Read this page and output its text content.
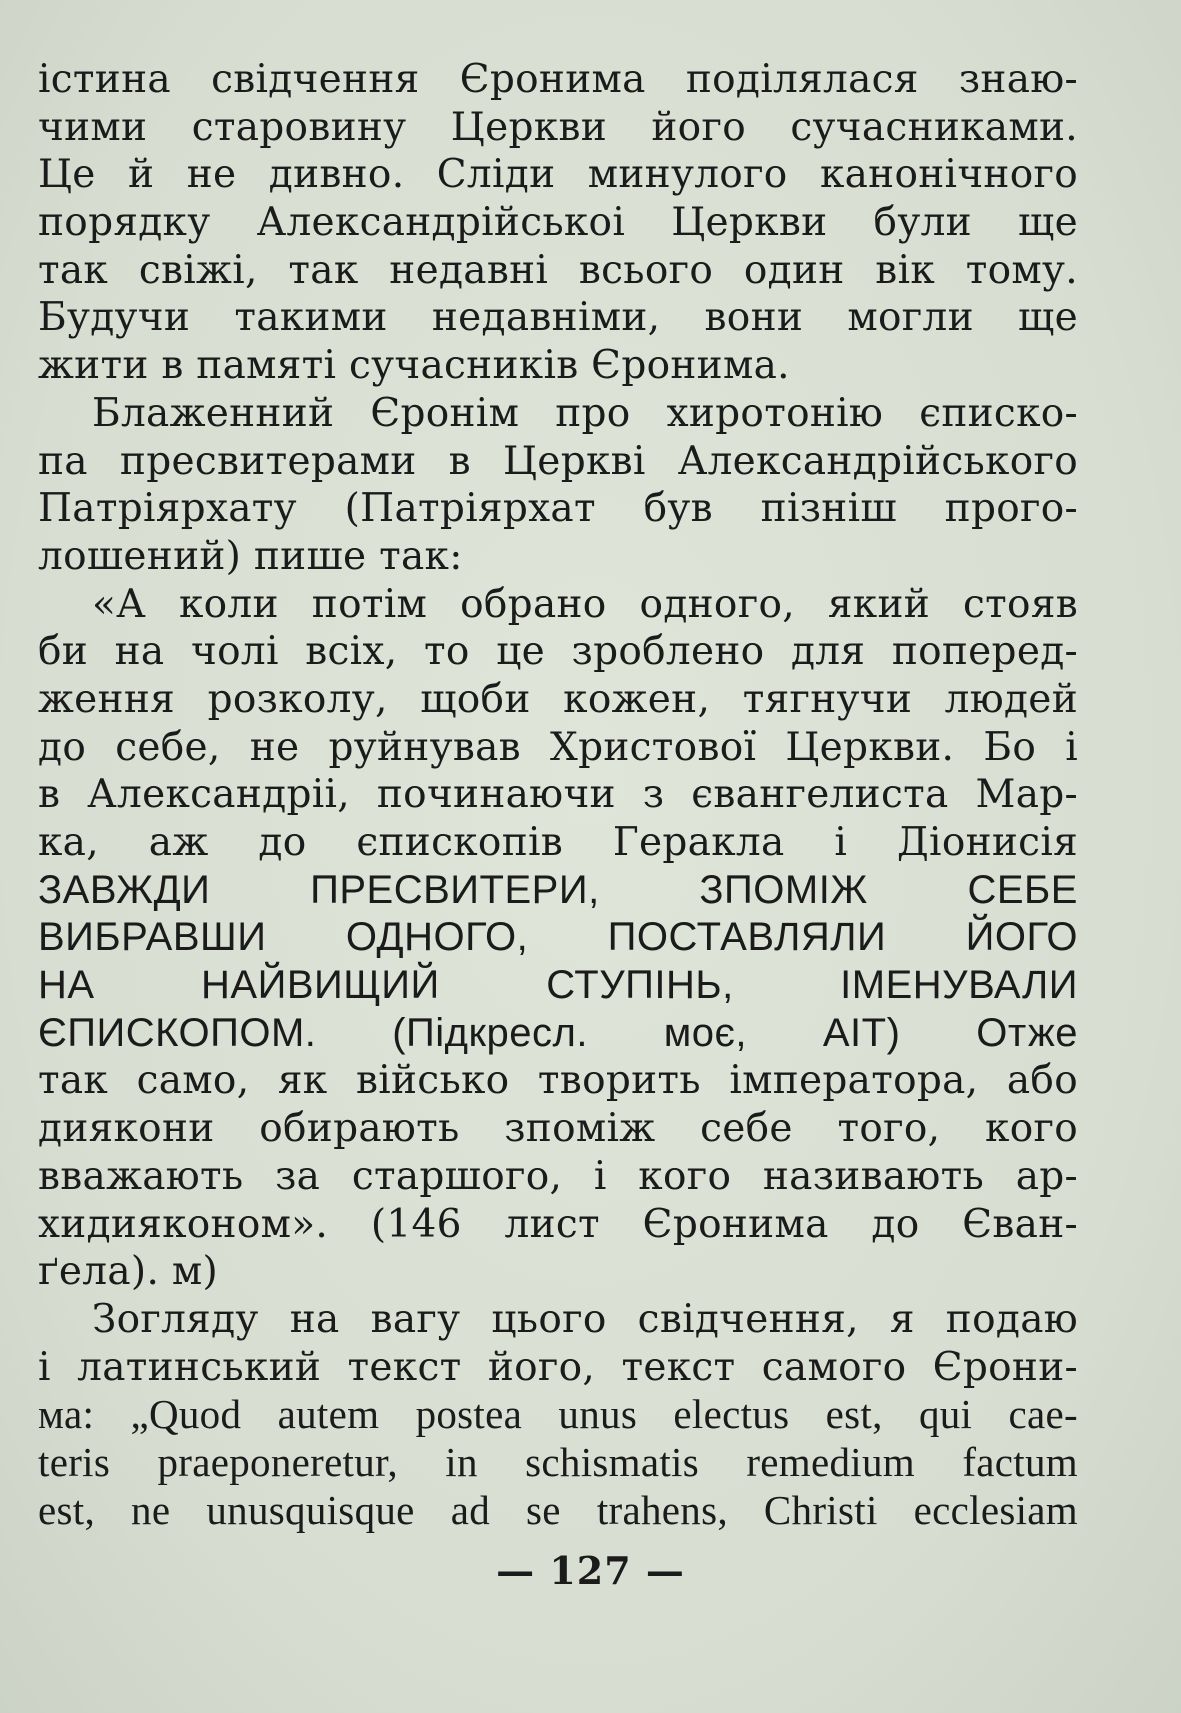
істина свідчення Єронима поділялася знаю-
чими старовину Церкви його сучасниками.
Це й не дивно. Сліди минулого канонічного
порядку Александрійськоі Церкви були ще
так свіжі, так недавні всього один вік тому.
Будучи такими недавніми, вони могли ще
жити в памяті сучасників Єронима.
Блаженний Єронім про хиротонію єписко-
па пресвитерами в Церкві Александрійського
Патріярхату (Патріярхат був пізніш прого-
лошений) пише так:
«А коли потім обрано одного, який стояв
би на чолі всіх, то це зроблено для поперед-
ження розколу, щоби кожен, тягнучи людей
до себе, не руйнував Христової Церкви. Бо і
в Александріі, починаючи з євангелиста Мар-
ка, аж до єпископів Геракла і Діонисія
ЗАВЖДИ ПРЕСВИТЕРИ, ЗПОМІЖ СЕБЕ
ВИБРАВШИ ОДНОГО, ПОСТАВЛЯЛИ ЙОГО
НА НАЙВИЩИЙ СТУПІНЬ, ІМЕНУВАЛИ
ЄПИСКОПОМ. (Підкресл. моє, АІТ) Отже
так само, як військо творить імператора, або
диякони обирають зпоміж себе того, кого
вважають за старшого, і кого називають ар-
хидияконом». (146 лист Єронима до Єван-
ґела). м)
Зогляду на вагу цього свідчення, я подаю
і латинський текст його, текст самого Єрони-
ма: „Quod autem postea unus electus est, qui cae-
teris praeponeretur, in schismatis remedium factum
est, ne unusquisque ad se trahens, Christi ecclesiam
— 127 —
